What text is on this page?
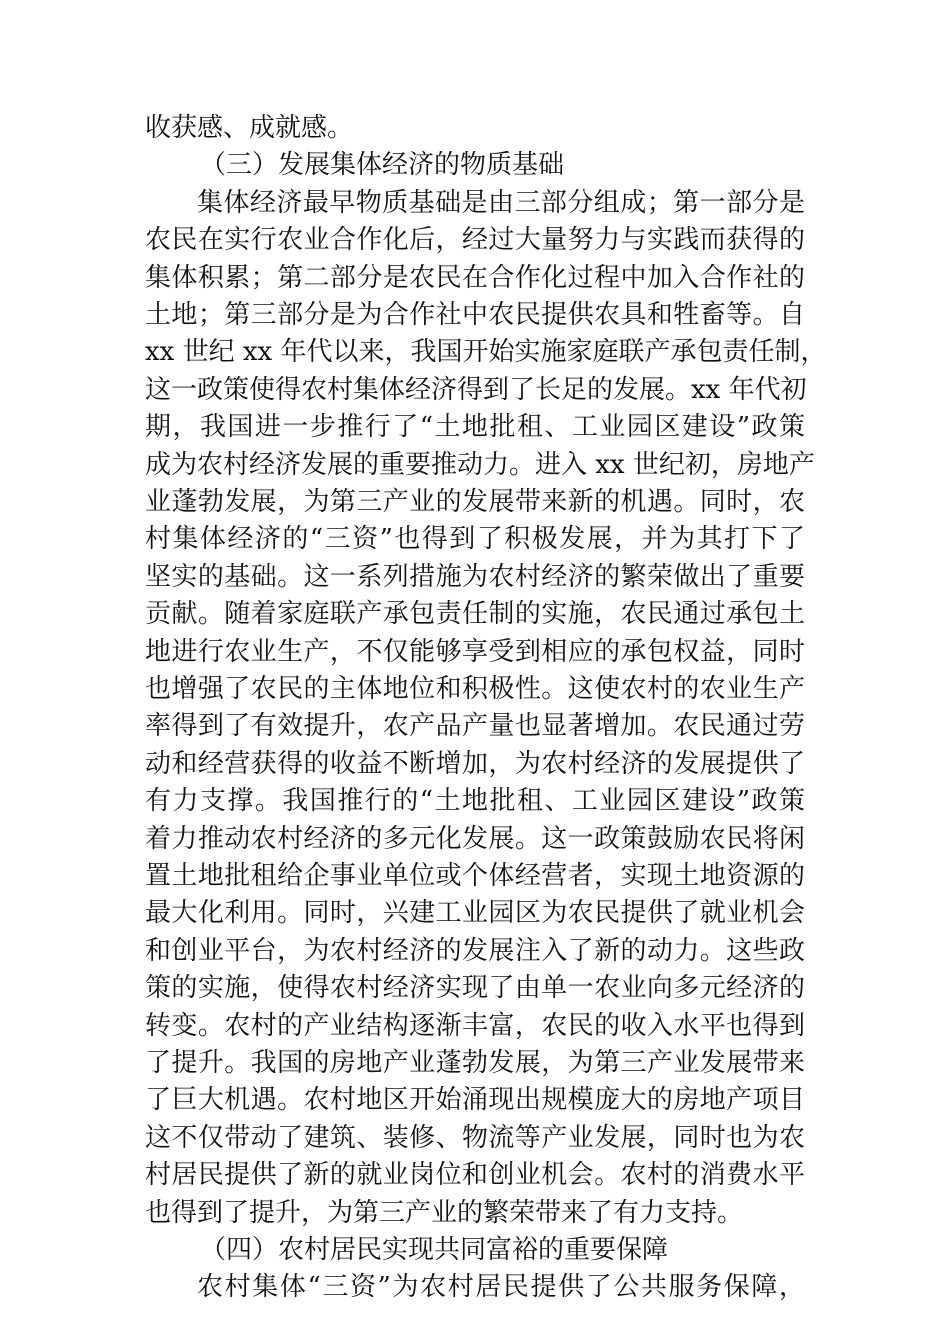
收获感、成就感。
（三）发展集体经济的物质基础
集体经济最早物质基础是由三部分组成；第一部分是
农民在实行农业合作化后，经过大量努力与实践而获得的
集体积累；第二部分是农民在合作化过程中加入合作社的
土地；第三部分是为合作社中农民提供农具和牲畜等。自
xx 世纪 xx 年代以来，我国开始实施家庭联产承包责任制，
这一政策使得农村集体经济得到了长足的发展。xx 年代初
期，我国进一步推行了“土地批租、工业园区建设”政策
成为农村经济发展的重要推动力。进入 xx 世纪初，房地产
业蓬勃发展，为第三产业的发展带来新的机遇。同时，农
村集体经济的“三资”也得到了积极发展，并为其打下了
坚实的基础。这一系列措施为农村经济的繁荣做出了重要
贡献。随着家庭联产承包责任制的实施，农民通过承包土
地进行农业生产，不仅能够享受到相应的承包权益，同时
也增强了农民的主体地位和积极性。这使农村的农业生产
率得到了有效提升，农产品产量也显著增加。农民通过劳
动和经营获得的收益不断增加，为农村经济的发展提供了
有力支撑。我国推行的“土地批租、工业园区建设”政策
着力推动农村经济的多元化发展。这一政策鼓励农民将闲
置土地批租给企事业单位或个体经营者，实现土地资源的
最大化利用。同时，兴建工业园区为农民提供了就业机会
和创业平台，为农村经济的发展注入了新的动力。这些政
策的实施，使得农村经济实现了由单一农业向多元经济的
转变。农村的产业结构逐渐丰富，农民的收入水平也得到
了提升。我国的房地产业蓬勃发展，为第三产业发展带来
了巨大机遇。农村地区开始涌现出规模庞大的房地产项目
这不仅带动了建筑、装修、物流等产业发展，同时也为农
村居民提供了新的就业岗位和创业机会。农村的消费水平
也得到了提升，为第三产业的繁荣带来了有力支持。
（四）农村居民实现共同富裕的重要保障
农村集体“三资”为农村居民提供了公共服务保障，
